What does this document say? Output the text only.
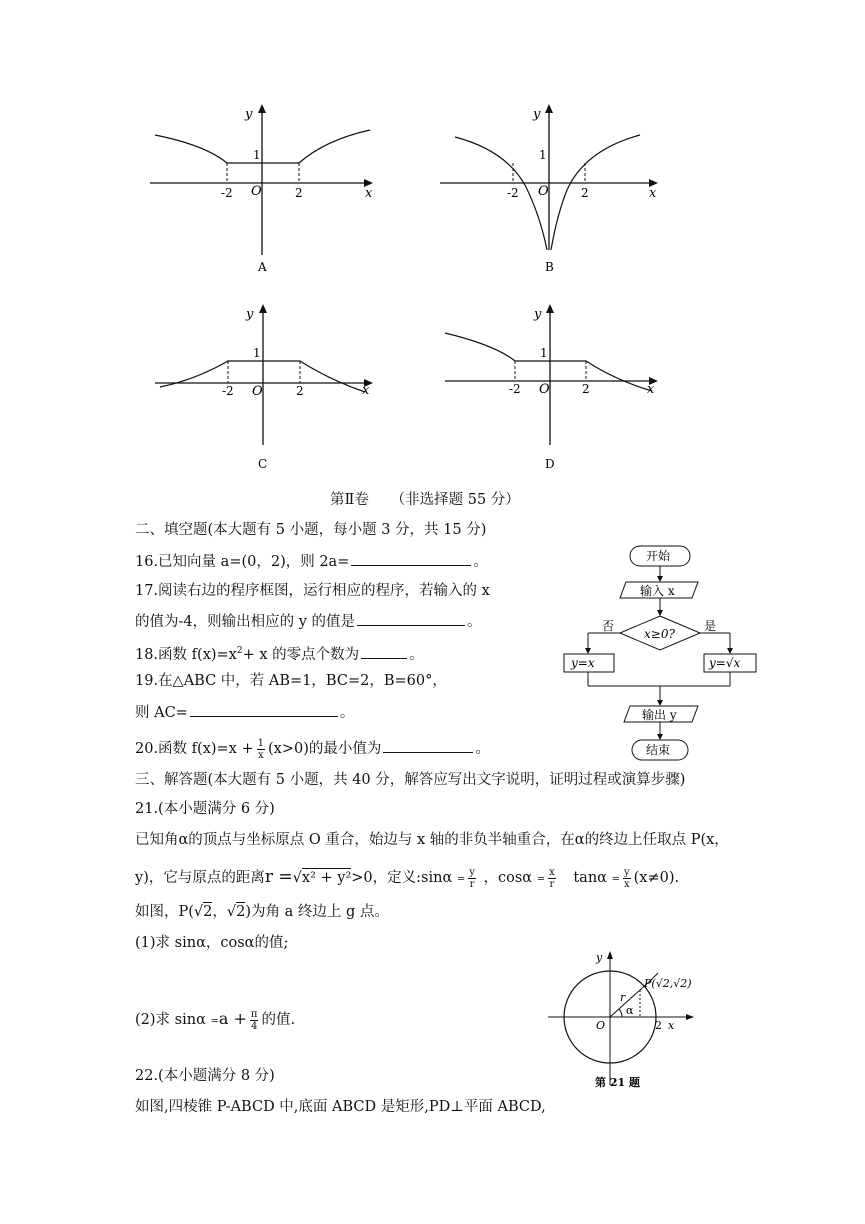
y
x
O
-2	2
1
A
y
x
O
-2	2
1
B
y
x
O
-2	2
1
C
y
x
O
-2	2
1
D
第Ⅱ卷　　（非选择题 55 分）
二、填空题(本大题有 5 小题，每小题 3 分，共 15 分)
16.已知向量 a=(0，2)，则 2a=	。
17.阅读右边的程序框图，运行相应的程序，若输入的 x
的值为-4，则输出相应的 y 的值是	。
18.函数 $f(x)=x^2+ x$ 的零点个数为	。
19.在△ABC 中，若 AB=1，BC=2，B=60°，
则 AC=	。
20.函数 $f(x)=x + \frac{1}{x} (x>0)$的最小值为	。
开始
输入 x
x≥0?
否	是
y=x	y=√x
输出 y
结束
三、解答题(本大题有 5 小题，共 40 分，解答应写出文字说明，证明过程或演算步骤)
21.(本小题满分 6 分)
已知角α的顶点与坐标原点 O 重合，始边与 x 轴的非负半轴重合，在α的终边上任取点 P(x，
y)，它与原点的距离r =√x² + y²>0，定义:sinα = $\frac{y}{r}$ ，$\cos\alpha = \frac{x}{r}$ $\tan\alpha = \frac{y}{x} (x\ne 0)$.
如图，P(√2，√2)为角 a 终边上 g 点。
(1)求 sinα，cosα的值;
(2)求 $\sin\alpha =a + \frac{\pi}{4}$ 的值.
P(√2,√2)
O	2 x
y
r
α
第 21 题
22.(本小题满分 8 分)
如图,四棱锥 P-ABCD 中,底面 ABCD 是矩形,PD⊥平面 ABCD,
